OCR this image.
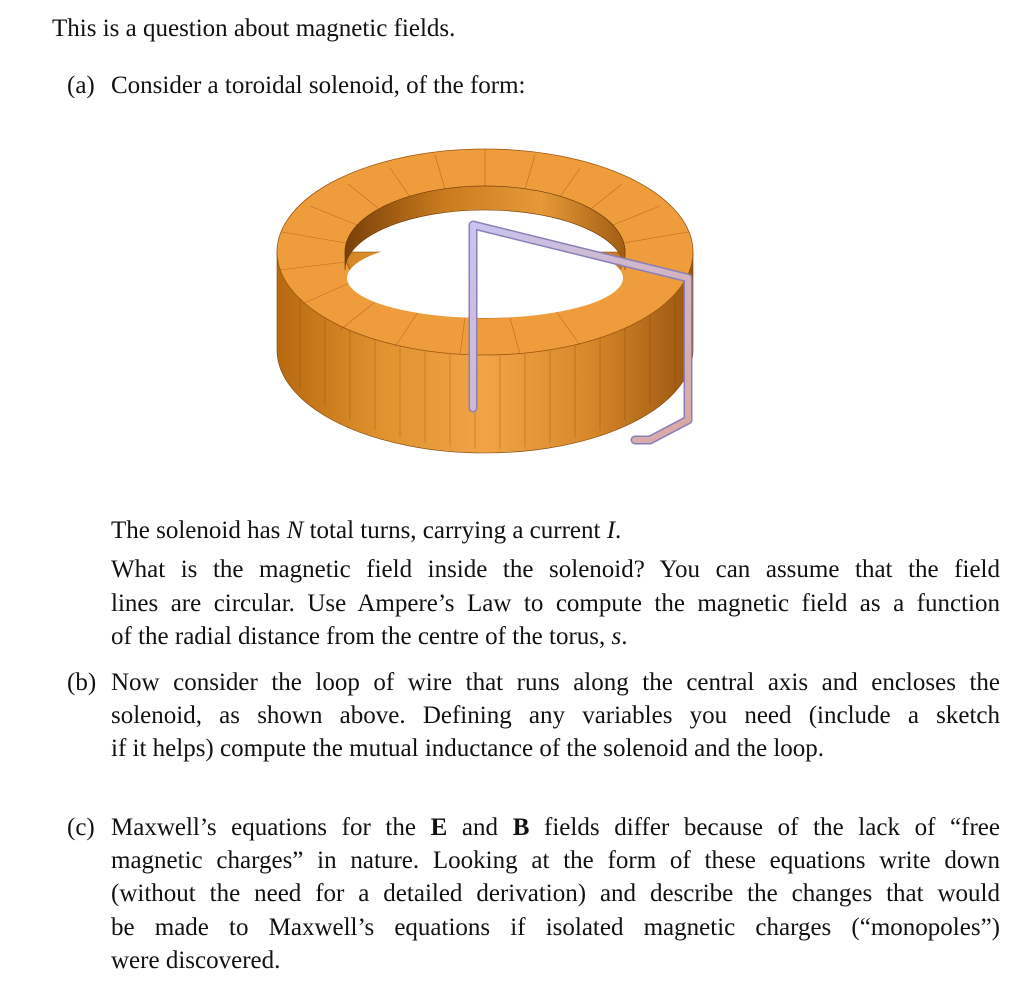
This is a question about magnetic fields.
(a) Consider a toroidal solenoid, of the form:
The solenoid has N total turns, carrying a current I.
What is the magnetic field inside the solenoid? You can assume that the field
lines are circular. Use Ampere’s Law to compute the magnetic field as a function
of the radial distance from the centre of the torus, s.
(b) Now consider the loop of wire that runs along the central axis and encloses the
solenoid, as shown above. Defining any variables you need (include a sketch
if it helps) compute the mutual inductance of the solenoid and the loop.
(c) Maxwell’s equations for the E and B fields differ because of the lack of “free
magnetic charges” in nature. Looking at the form of these equations write down
(without the need for a detailed derivation) and describe the changes that would
be made to Maxwell’s equations if isolated magnetic charges (“monopoles”)
were discovered.
